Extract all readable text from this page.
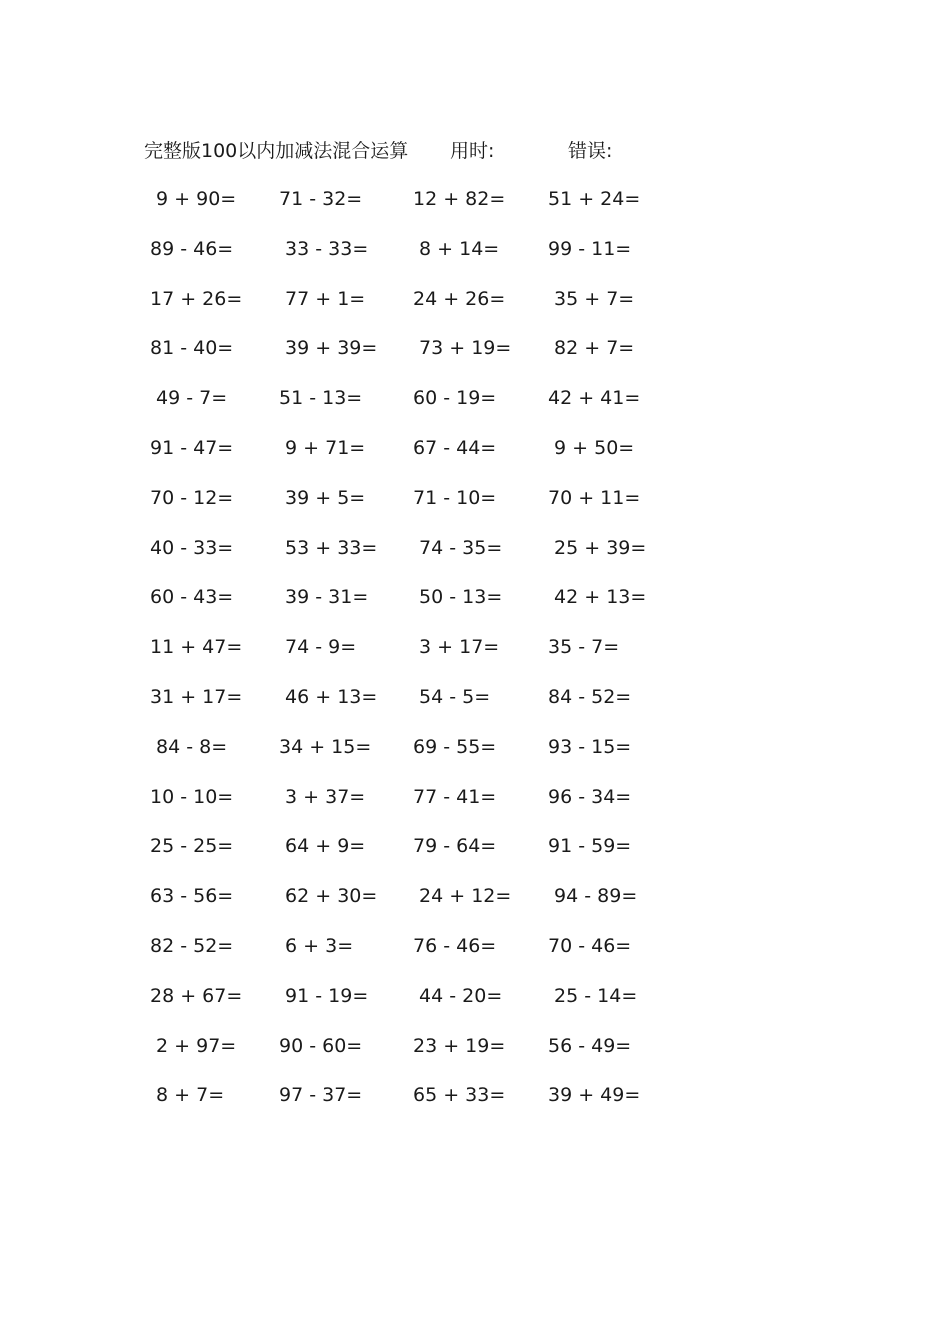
完整版100以内加减法混合运算 用时:	错误:
9 + 90=	71 - 32=	12 + 82=	51 + 24=
89 - 46=	33 - 33=	8 + 14=	99 - 11=
17 + 26=	77 + 1=	24 + 26=	35 + 7=
81 - 40=	39 + 39=	73 + 19=	82 + 7=
49 - 7=	51 - 13=	60 - 19=	42 + 41=
91 - 47=	9 + 71=	67 - 44=	9 + 50=
70 - 12=	39 + 5=	71 - 10=	70 + 11=
40 - 33=	53 + 33=	74 - 35=	25 + 39=
60 - 43=	39 - 31=	50 - 13=	42 + 13=
11 + 47=	74 - 9=	3 + 17=	35 - 7=
31 + 17=	46 + 13=	54 - 5=	84 - 52=
84 - 8=	34 + 15=	69 - 55=	93 - 15=
10 - 10=	3 + 37=	77 - 41=	96 - 34=
25 - 25=	64 + 9=	79 - 64=	91 - 59=
63 - 56=	62 + 30=	24 + 12=	94 - 89=
82 - 52=	6 + 3=	76 - 46=	70 - 46=
28 + 67=	91 - 19=	44 - 20=	25 - 14=
2 + 97=	90 - 60=	23 + 19=	56 - 49=
8 + 7=	97 - 37=	65 + 33=	39 + 49=
